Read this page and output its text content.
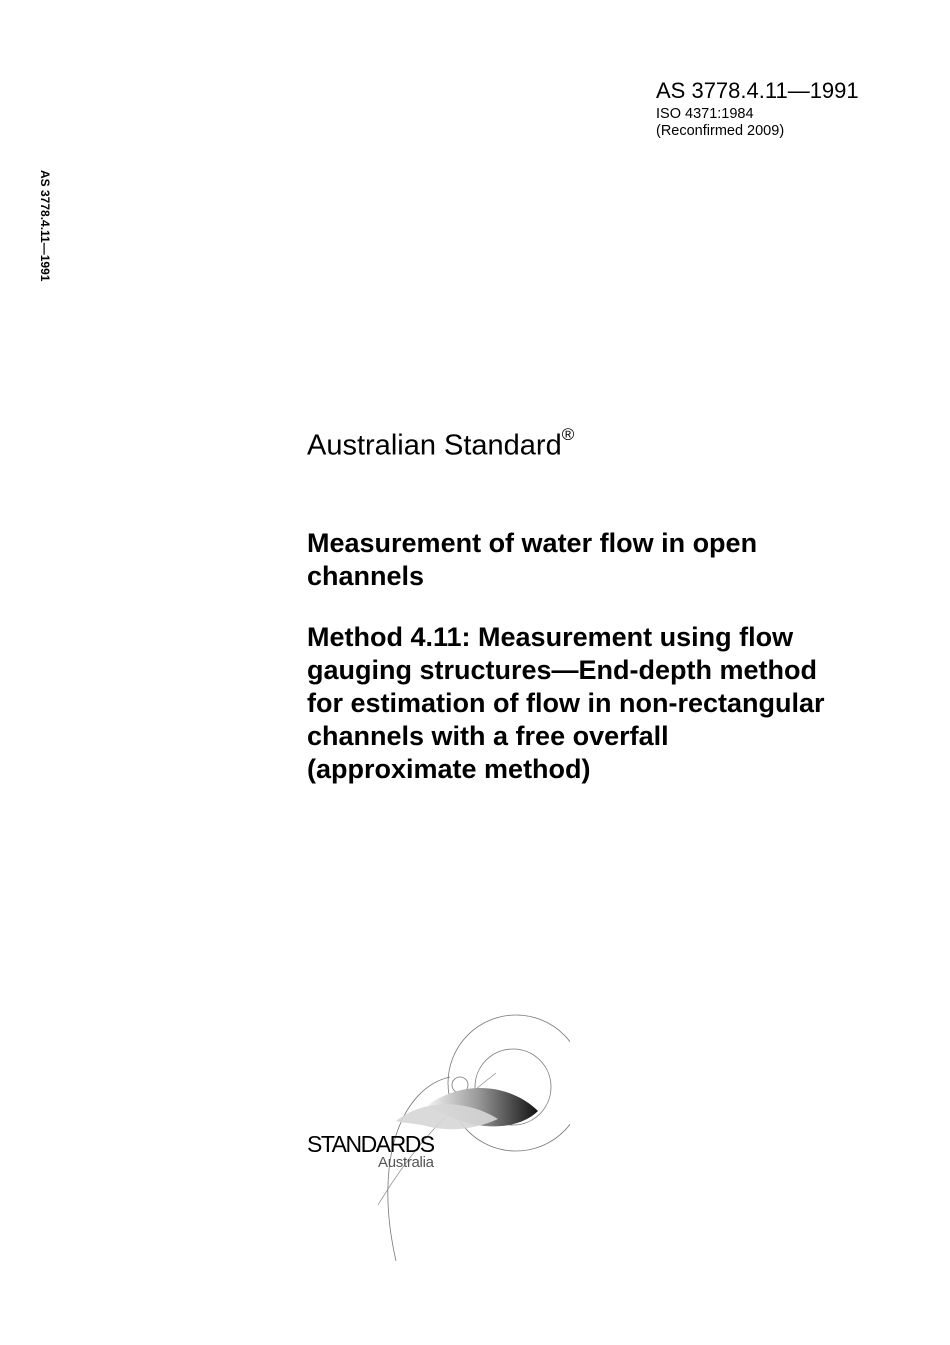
AS 3778.4.11—1991
ISO 4371:1984
(Reconfirmed 2009)
AS 3778.4.11—1991
Australian Standard®
Measurement of water flow in open
channels
Method 4.11: Measurement using flow
gauging structures—End-depth method
for estimation of flow in non-rectangular
channels with a free overfall
(approximate method)
STANDARDS
Australia
